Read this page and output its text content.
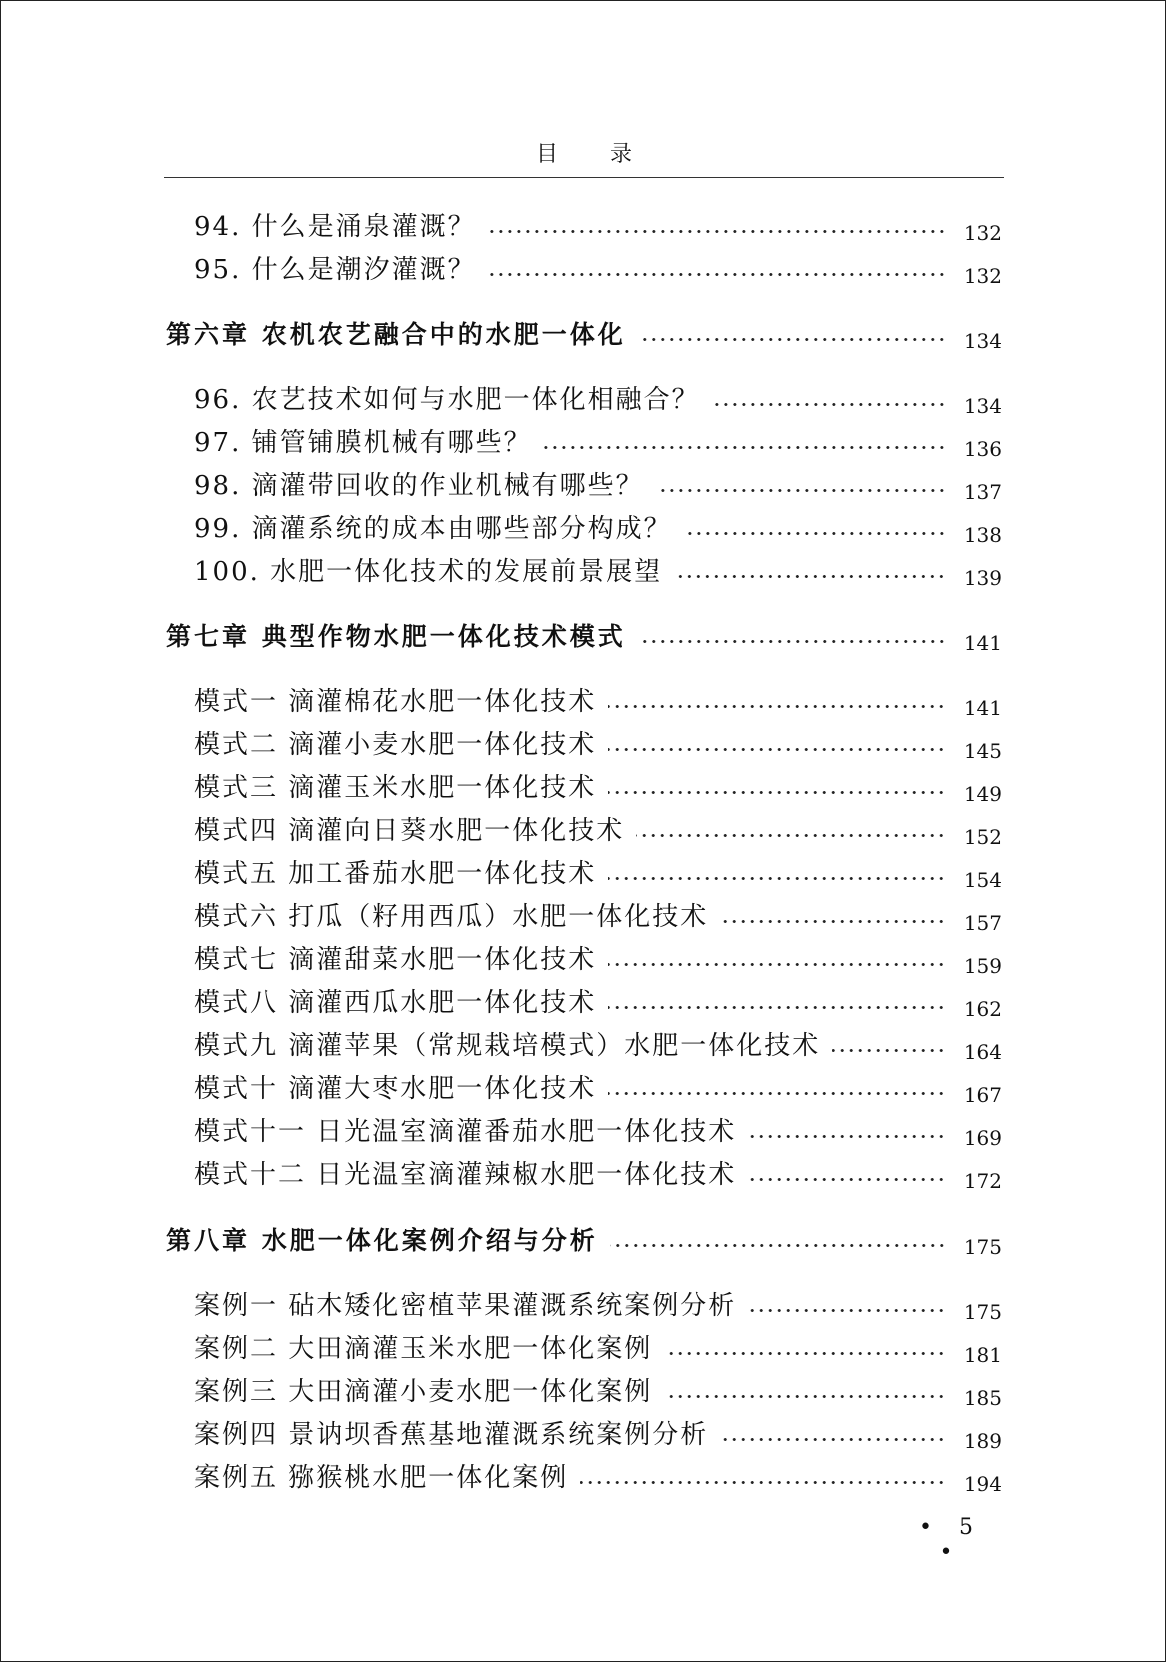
目 录
94. 什么是涌泉灌溉？	132
95. 什么是潮汐灌溉？	132
第六章 农机农艺融合中的水肥一体化	134
96. 农艺技术如何与水肥一体化相融合？	134
97. 铺管铺膜机械有哪些？	136
98. 滴灌带回收的作业机械有哪些？	137
99. 滴灌系统的成本由哪些部分构成？	138
100. 水肥一体化技术的发展前景展望	139
第七章 典型作物水肥一体化技术模式	141
模式一 滴灌棉花水肥一体化技术	141
模式二 滴灌小麦水肥一体化技术	145
模式三 滴灌玉米水肥一体化技术	149
模式四 滴灌向日葵水肥一体化技术	152
模式五 加工番茄水肥一体化技术	154
模式六 打瓜（籽用西瓜）水肥一体化技术	157
模式七 滴灌甜菜水肥一体化技术	159
模式八 滴灌西瓜水肥一体化技术	162
模式九 滴灌苹果（常规栽培模式）水肥一体化技术	164
模式十 滴灌大枣水肥一体化技术	167
模式十一 日光温室滴灌番茄水肥一体化技术	169
模式十二 日光温室滴灌辣椒水肥一体化技术	172
第八章 水肥一体化案例介绍与分析	175
案例一 砧木矮化密植苹果灌溉系统案例分析	175
案例二 大田滴灌玉米水肥一体化案例	181
案例三 大田滴灌小麦水肥一体化案例	185
案例四 景讷坝香蕉基地灌溉系统案例分析	189
案例五 猕猴桃水肥一体化案例	194
• 5 •
